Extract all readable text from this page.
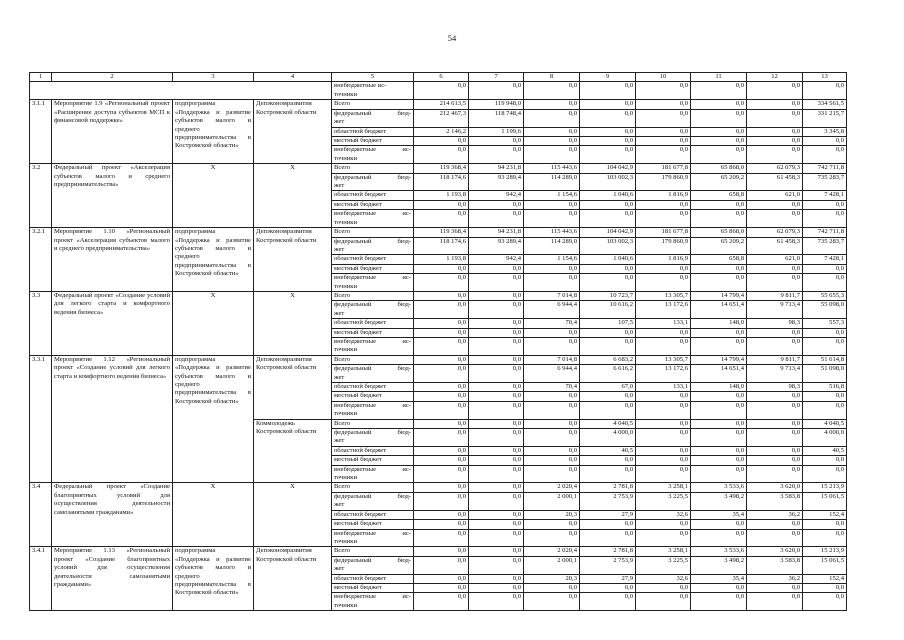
54
1	2	3	4	5	6	7	8	9	10	11	12	13

				внебюджетные ис-
точники	0,0	0,0	0,0	0,0	0,0	0,0	0,0	0,0
3.1.1	Мероприятие 1.9 «Региональный проект «Расширение доступа субъектов МСП к финансовой поддержке»	подпрограмма «Поддержка и развитие субъектов малого и среднего предпринимательства в Костромской области»	Депэкономразвития Костромской области	Всего	214 613,5	119 948,0	0,0	0,0	0,0	0,0	0,0	334 561,5

				федеральный бюд-
жет	212 467,3	118 748,4	0,0	0,0	0,0	0,0	0,0	331 215,7

				областной бюджет	2 146,2	1 199,6	0,0	0,0	0,0	0,0	0,0	3 345,8

				местный бюджет	0,0	0,0	0,0	0,0	0,0	0,0	0,0	0,0

				внебюджетные ис-
точники	0,0	0,0	0,0	0,0	0,0	0,0	0,0	0,0
3.2	Федеральный проект «Акселерация субъектов малого и среднего предпринимательства»	Х	Х	Всего	119 368,4	94 231,8	115 443,6	104 042,9	181 677,8	65 868,0	62 079,3	742 711,8

				федеральный бюд-
жет	118 174,6	93 289,4	114 289,0	103 002,3	179 860,9	65 209,2	61 458,3	735 283,7

				областной бюджет	1 193,8	942,4	1 154,6	1 040,6	1 816,9	658,8	621,0	7 428,1

				местный бюджет	0,0	0,0	0,0	0,0	0,0	0,0	0,0	0,0

				внебюджетные ис-
точники	0,0	0,0	0,0	0,0	0,0	0,0	0,0	0,0
3.2.1	Мероприятие 1.10 «Региональный проект «Акселерация субъектов малого и среднего предпринимательства»	подпрограмма «Поддержка и развитие субъектов малого и среднего предпринимательства в Костромской области»	Депэкономразвития Костромской области	Всего	119 368,4	94 231,8	115 443,6	104 042,9	181 677,8	65 868,0	62 079,3	742 711,8

				федеральный бюд-
жет	118 174,6	93 289,4	114 289,0	103 002,3	179 860,9	65 209,2	61 458,3	735 283,7

				областной бюджет	1 193,8	942,4	1 154,6	1 040,6	1 816,9	658,8	621,0	7 428,1

				местный бюджет	0,0	0,0	0,0	0,0	0,0	0,0	0,0	0,0

				внебюджетные ис-
точники	0,0	0,0	0,0	0,0	0,0	0,0	0,0	0,0
3.3	Федеральный проект «Создание условий для легкого старта и комфортного ведения бизнеса»	Х	Х	Всего	0,0	0,0	7 014,8	10 723,7	13 305,7	14 799,4	9 811,7	55 655,3

				федеральный бюд-
жет	0,0	0,0	6 944,4	10 616,2	13 172,6	14 651,4	9 713,4	55 098,0

				областной бюджет	0,0	0,0	70,4	107,5	133,1	148,0	98,3	557,3

				местный бюджет	0,0	0,0	0,0	0,0	0,0	0,0	0,0	0,0

				внебюджетные ис-
точники	0,0	0,0	0,0	0,0	0,0	0,0	0,0	0,0
3.3.1	Мероприятие 1.12 «Региональный проект «Создание условий для легкого старта и комфортного ведения бизнеса»	подпрограмма «Поддержка и развитие субъектов малого и среднего предпринимательства в Костромской области»	Депэкономразвития Костромской области	Всего	0,0	0,0	7 014,8	6 683,2	13 305,7	14 799,4	9 811,7	51 614,8

				федеральный бюд-
жет	0,0	0,0	6 944,4	6 616,2	13 172,6	14 651,4	9 713,4	51 098,0

				областной бюджет	0,0	0,0	70,4	67,0	133,1	148,0	98,3	516,8

				местный бюджет	0,0	0,0	0,0	0,0	0,0	0,0	0,0	0,0

				внебюджетные ис-
точники	0,0	0,0	0,0	0,0	0,0	0,0	0,0	0,0
			Коммолодежь Костромской области	Всего	0,0	0,0	0,0	4 040,5	0,0	0,0	0,0	4 040,5

				федеральный бюд-
жет	0,0	0,0	0,0	4 000,0	0,0	0,0	0,0	4 000,0

				областной бюджет	0,0	0,0	0,0	40,5	0,0	0,0	0,0	40,5

				местный бюджет	0,0	0,0	0,0	0,0	0,0	0,0	0,0	0,0

				внебюджетные ис-
точники	0,0	0,0	0,0	0,0	0,0	0,0	0,0	0,0
3.4	Федеральный проект «Создание благоприятных условий для осуществления деятельности самозанятыми гражданами»	Х	Х	Всего	0,0	0,0	2 020,4	2 781,8	3 258,1	3 533,6	3 620,0	15 213,9

				федеральный бюд-
жет	0,0	0,0	2 000,1	2 753,9	3 225,5	3 498,2	3 583,8	15 061,5

				областной бюджет	0,0	0,0	20,3	27,9	32,6	35,4	36,2	152,4

				местный бюджет	0,0	0,0	0,0	0,0	0,0	0,0	0,0	0,0

				внебюджетные ис-
точники	0,0	0,0	0,0	0,0	0,0	0,0	0,0	0,0
3.4.1	Мероприятие 1.13 «Региональный проект «Создание благоприятных условий для осуществления деятельности самозанятыми гражданами»	подпрограмма «Поддержка и развитие субъектов малого и среднего предпринимательства в Костромской области»	Депэкономразвития Костромской области	Всего	0,0	0,0	2 020,4	2 781,8	3 258,1	3 533,6	3 620,0	15 213,9

				федеральный бюд-
жет	0,0	0,0	2 000,1	2 753,9	3 225,5	3 498,2	3 583,8	15 061,5

				областной бюджет	0,0	0,0	20,3	27,9	32,6	35,4	36,2	152,4

				местный бюджет	0,0	0,0	0,0	0,0	0,0	0,0	0,0	0,0

				внебюджетные ис-
точники	0,0	0,0	0,0	0,0	0,0	0,0	0,0	0,0
